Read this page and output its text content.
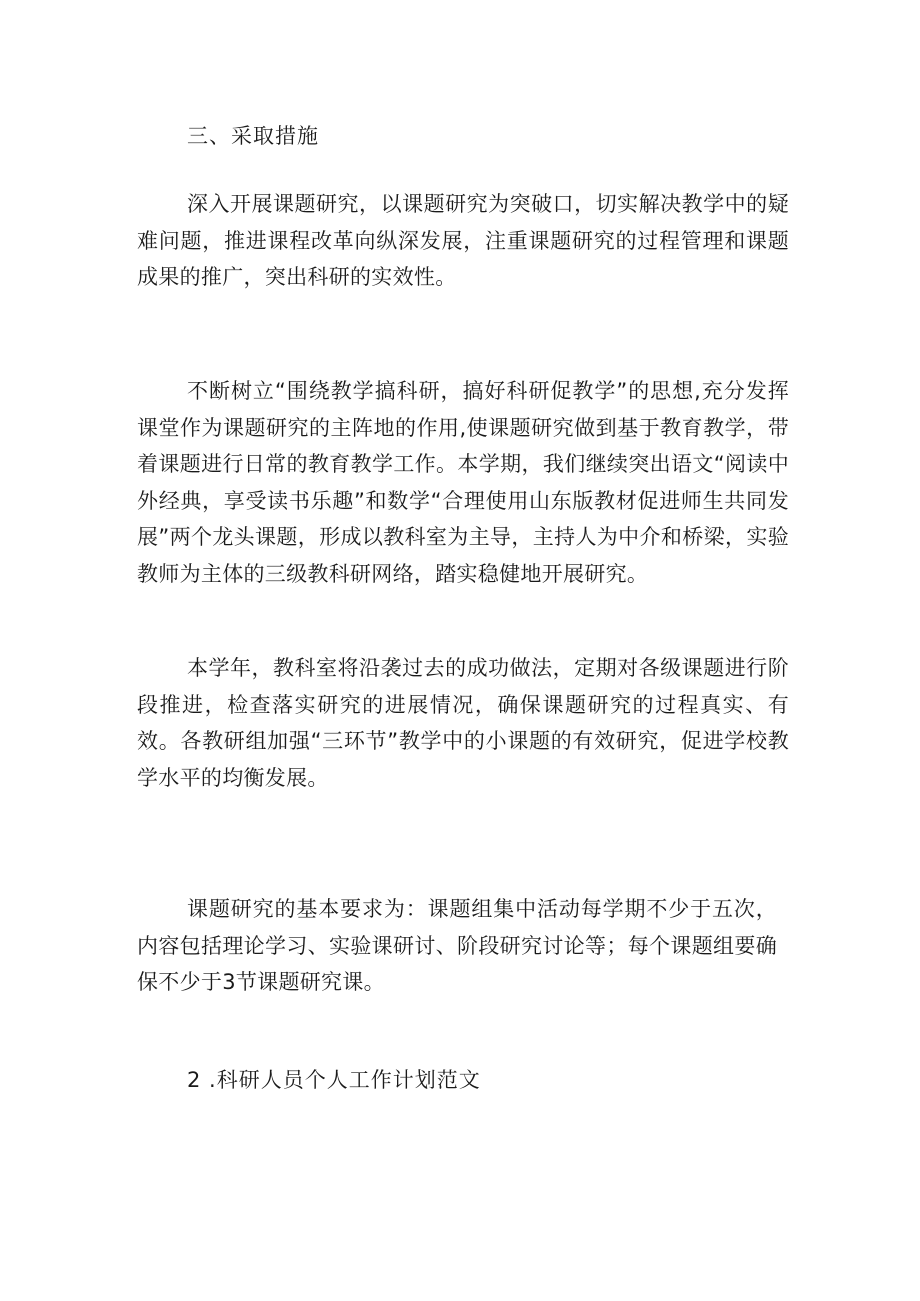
三、采取措施

深入开展课题研究，以课题研究为突破口，切实解决教学中的疑难问题，推进课程改革向纵深发展，注重课题研究的过程管理和课题成果的推广，突出科研的实效性。

不断树立“围绕教学搞科研，搞好科研促教学”的思想,充分发挥课堂作为课题研究的主阵地的作用,使课题研究做到基于教育教学，带着课题进行日常的教育教学工作。本学期，我们继续突出语文“阅读中外经典，享受读书乐趣”和数学“合理使用山东版教材促进师生共同发展”两个龙头课题，形成以教科室为主导，主持人为中介和桥梁，实验教师为主体的三级教科研网络，踏实稳健地开展研究。

本学年，教科室将沿袭过去的成功做法，定期对各级课题进行阶段推进，检查落实研究的进展情况，确保课题研究的过程真实、有效。各教研组加强“三环节”教学中的小课题的有效研究，促进学校教学水平的均衡发展。

课题研究的基本要求为：课题组集中活动每学期不少于五次，内容包括理论学习、实验课研讨、阶段研究讨论等；每个课题组要确保不少于3节课题研究课。

2 .科研人员个人工作计划范文
